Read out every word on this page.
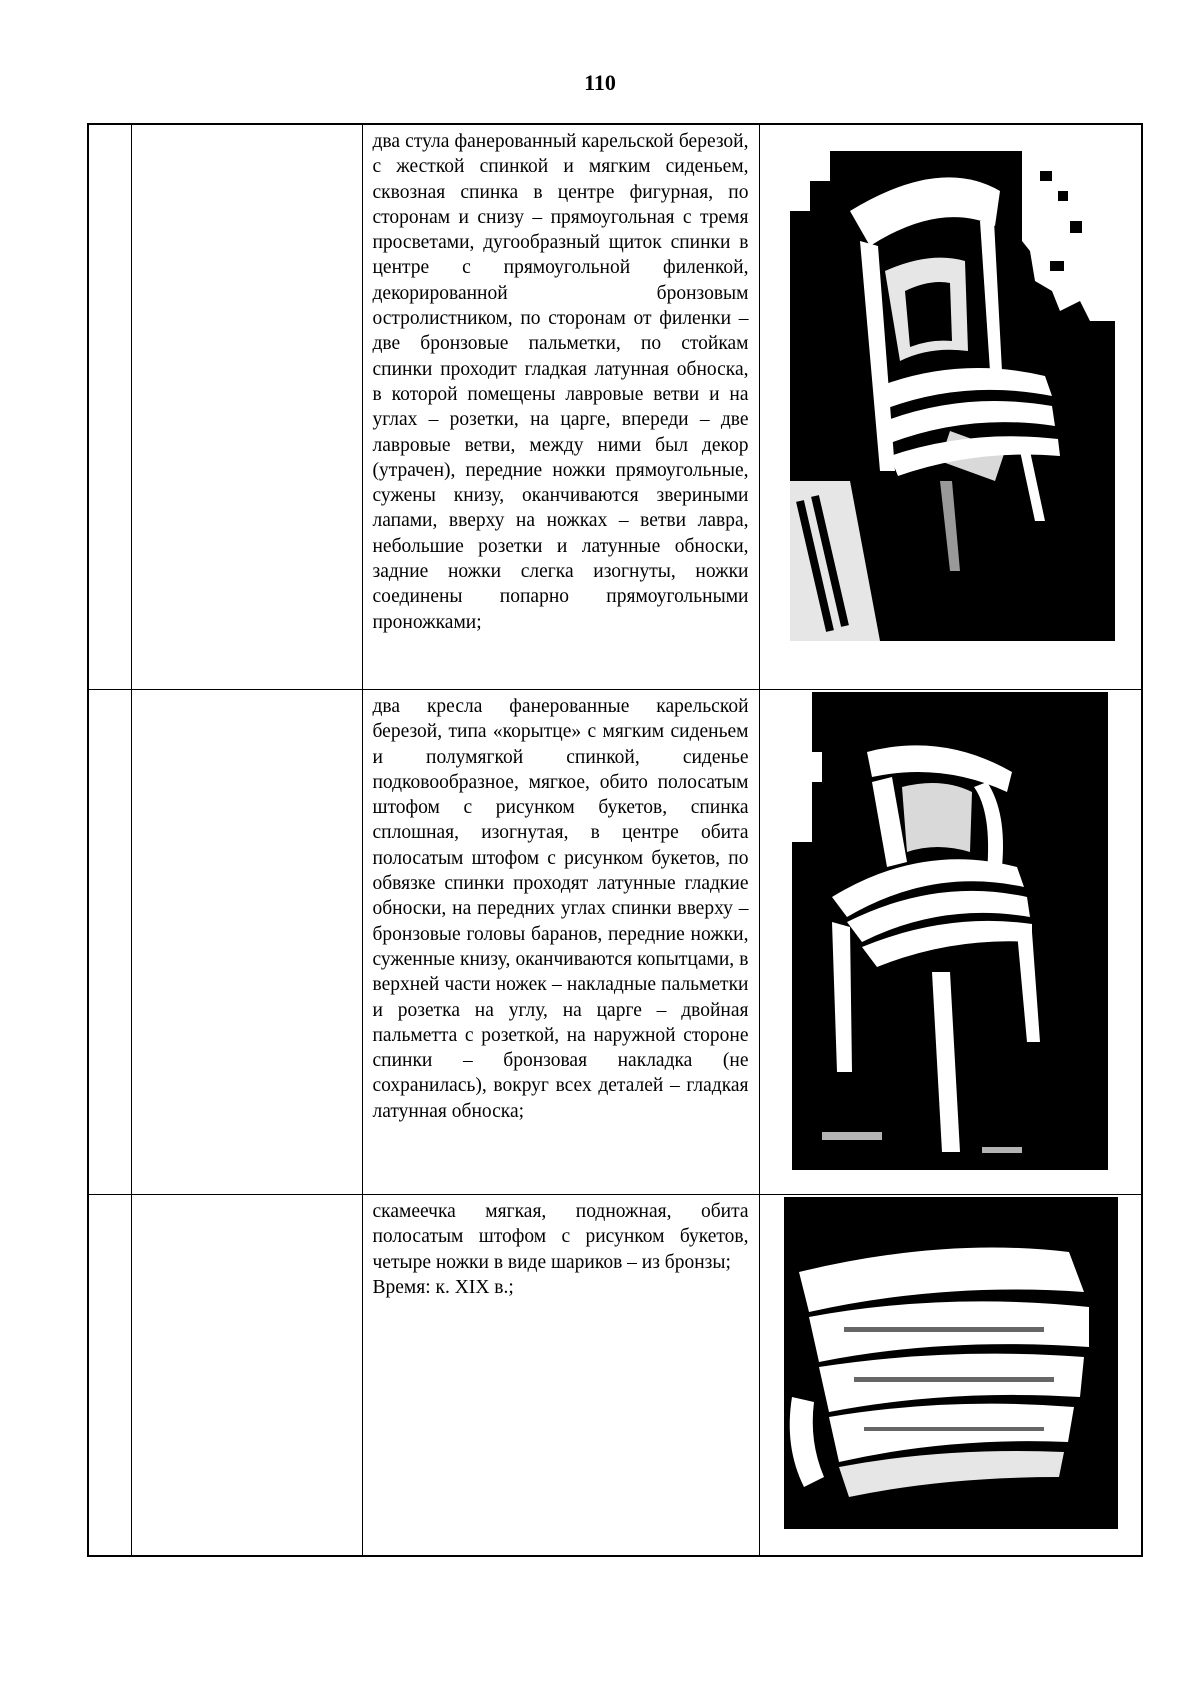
110

		два стула фанерованный карельской березой, с жесткой спинкой и мягким сиденьем, сквозная спинка в центре фигурная, по сторонам и снизу – прямоугольная с тремя просветами, дугообразный щиток спинки в центре с прямоугольной филенкой, декорированной бронзовым остролистником, по сторонам от филенки – две бронзовые пальметки, по стойкам спинки проходит гладкая латунная обноска, в которой помещены лавровые ветви и на углах – розетки, на царге, впереди – две лавровые ветви, между ними был декор (утрачен), передние ножки прямоугольные, сужены книзу, оканчиваются звериными лапами, вверху на ножках – ветви лавра, небольшие розетки и латунные обноски, задние ножки слегка изогнуты, ножки соединены попарно прямоугольными проножками;

		два кресла фанерованные карельской березой, типа «корытце» с мягким сиденьем и полумягкой спинкой, сиденье подковообразное, мягкое, обито полосатым штофом с рисунком букетов, спинка сплошная, изогнутая, в центре обита полосатым штофом с рисунком букетов, по обвязке спинки проходят латунные гладкие обноски, на передних углах спинки вверху – бронзовые головы баранов, передние ножки, суженные книзу, оканчиваются копытцами, в верхней части ножек – накладные пальметки и розетка на углу, на царге – двойная пальметта с розеткой, на наружной стороне спинки – бронзовая накладка (не сохранилась), вокруг всех деталей – гладкая латунная обноска;

		скамеечка мягкая, подножная, обита полосатым штофом с рисунком букетов, четыре ножки в виде шариков – из бронзы;

Время: к. XIX в.;
